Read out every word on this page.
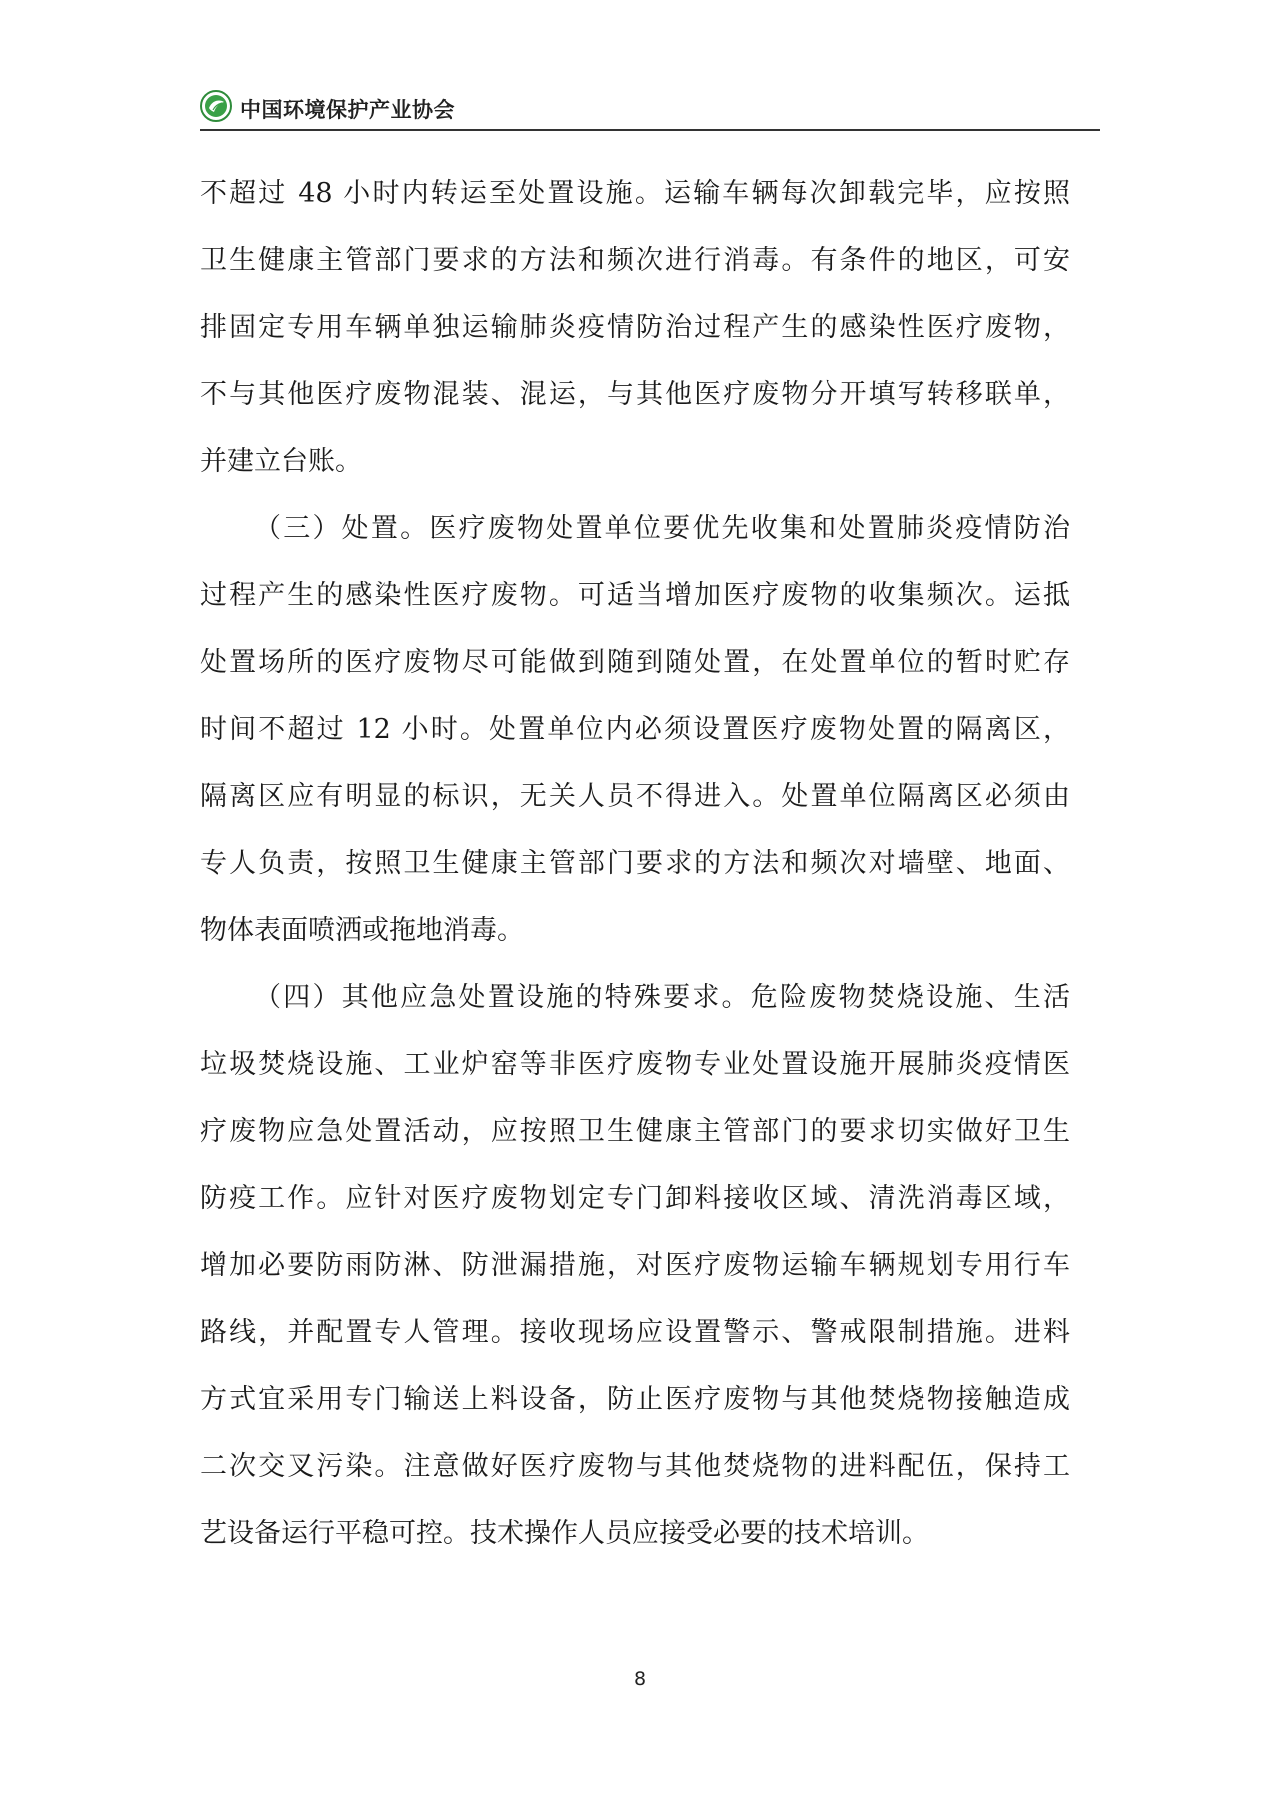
中国环境保护产业协会
不超过 48 小时内转运至处置设施。运输车辆每次卸载完毕，应按照
卫生健康主管部门要求的方法和频次进行消毒。有条件的地区，可安
排固定专用车辆单独运输肺炎疫情防治过程产生的感染性医疗废物，
不与其他医疗废物混装、混运，与其他医疗废物分开填写转移联单，
并建立台账。
（三）处置。医疗废物处置单位要优先收集和处置肺炎疫情防治
过程产生的感染性医疗废物。可适当增加医疗废物的收集频次。运抵
处置场所的医疗废物尽可能做到随到随处置，在处置单位的暂时贮存
时间不超过 12 小时。处置单位内必须设置医疗废物处置的隔离区，
隔离区应有明显的标识，无关人员不得进入。处置单位隔离区必须由
专人负责，按照卫生健康主管部门要求的方法和频次对墙壁、地面、
物体表面喷洒或拖地消毒。
（四）其他应急处置设施的特殊要求。危险废物焚烧设施、生活
垃圾焚烧设施、工业炉窑等非医疗废物专业处置设施开展肺炎疫情医
疗废物应急处置活动，应按照卫生健康主管部门的要求切实做好卫生
防疫工作。应针对医疗废物划定专门卸料接收区域、清洗消毒区域，
增加必要防雨防淋、防泄漏措施，对医疗废物运输车辆规划专用行车
路线，并配置专人管理。接收现场应设置警示、警戒限制措施。进料
方式宜采用专门输送上料设备，防止医疗废物与其他焚烧物接触造成
二次交叉污染。注意做好医疗废物与其他焚烧物的进料配伍，保持工
艺设备运行平稳可控。技术操作人员应接受必要的技术培训。
8
